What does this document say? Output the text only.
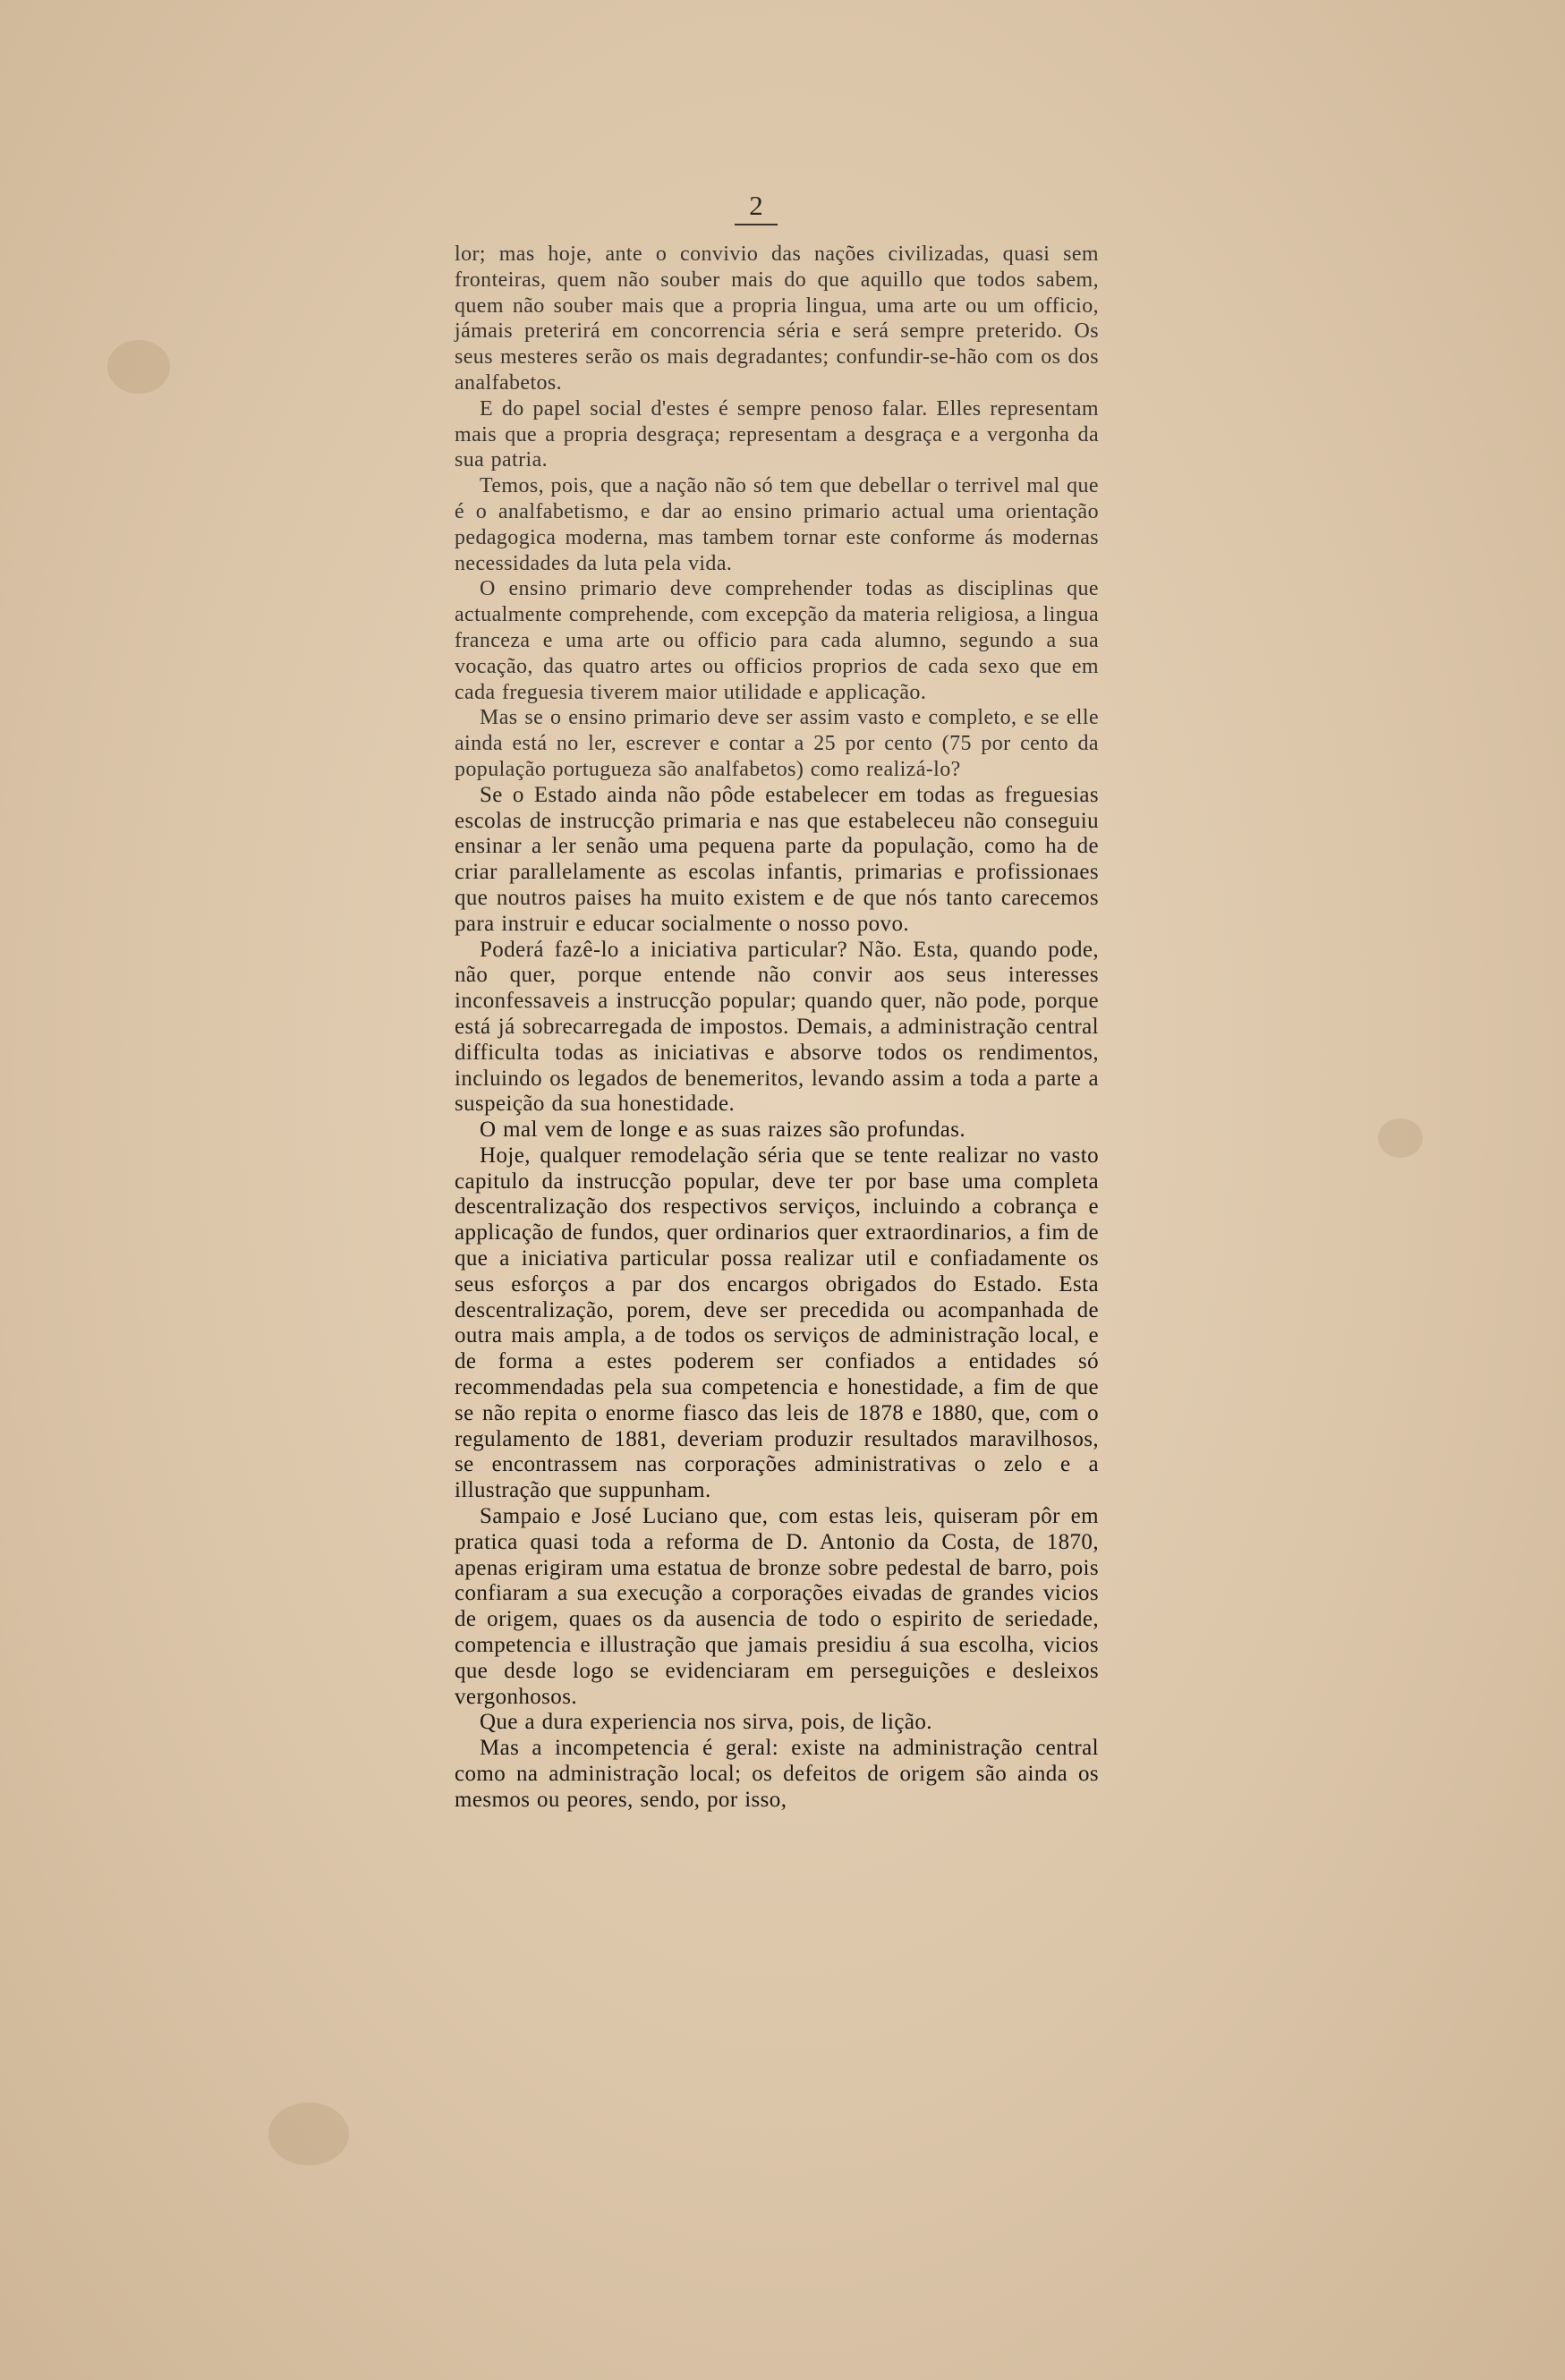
2

lor; mas hoje, ante o convivio das nações civilizadas, quasi sem fronteiras, quem não souber mais do que aquillo que todos sabem, quem não souber mais que a propria lingua, uma arte ou um officio, jámais preterirá em concorrencia séria e será sempre preterido. Os seus mesteres serão os mais degradantes; confundir-se-hão com os dos analfabetos.

E do papel social d'estes é sempre penoso falar. Elles representam mais que a propria desgraça; representam a desgraça e a vergonha da sua patria.

Temos, pois, que a nação não só tem que debellar o terrivel mal que é o analfabetismo, e dar ao ensino primario actual uma orientação pedagogica moderna, mas tambem tornar este conforme ás modernas necessidades da luta pela vida.

O ensino primario deve comprehender todas as disciplinas que actualmente comprehende, com excepção da materia religiosa, a lingua franceza e uma arte ou officio para cada alumno, segundo a sua vocação, das quatro artes ou officios proprios de cada sexo que em cada freguesia tiverem maior utilidade e applicação.

Mas se o ensino primario deve ser assim vasto e completo, e se elle ainda está no ler, escrever e contar a 25 por cento (75 por cento da população portugueza são analfabetos) como realizá-lo?

Se o Estado ainda não pôde estabelecer em todas as freguesias escolas de instrucção primaria e nas que estabeleceu não conseguiu ensinar a ler senão uma pequena parte da população, como ha de criar parallelamente as escolas infantis, primarias e profissionaes que noutros paises ha muito existem e de que nós tanto carecemos para instruir e educar socialmente o nosso povo.

Poderá fazê-lo a iniciativa particular? Não. Esta, quando pode, não quer, porque entende não convir aos seus interesses inconfessaveis a instrucção popular; quando quer, não pode, porque está já sobrecarregada de impostos. Demais, a administração central difficulta todas as iniciativas e absorve todos os rendimentos, incluindo os legados de benemeritos, levando assim a toda a parte a suspeição da sua honestidade.

O mal vem de longe e as suas raizes são profundas.

Hoje, qualquer remodelação séria que se tente realizar no vasto capitulo da instrucção popular, deve ter por base uma completa descentralização dos respectivos serviços, incluindo a cobrança e applicação de fundos, quer ordinarios quer extraordinarios, a fim de que a iniciativa particular possa realizar util e confiadamente os seus esforços a par dos encargos obrigados do Estado. Esta descentralização, porem, deve ser precedida ou acompanhada de outra mais ampla, a de todos os serviços de administração local, e de forma a estes poderem ser confiados a entidades só recommendadas pela sua competencia e honestidade, a fim de que se não repita o enorme fiasco das leis de 1878 e 1880, que, com o regulamento de 1881, deveriam produzir resultados maravilhosos, se encontrassem nas corporações administrativas o zelo e a illustração que suppunham.

Sampaio e José Luciano que, com estas leis, quiseram pôr em pratica quasi toda a reforma de D. Antonio da Costa, de 1870, apenas erigiram uma estatua de bronze sobre pedestal de barro, pois confiaram a sua execução a corporações eivadas de grandes vicios de origem, quaes os da ausencia de todo o espirito de seriedade, competencia e illustração que jamais presidiu á sua escolha, vicios que desde logo se evidenciaram em perseguições e desleixos vergonhosos.

Que a dura experiencia nos sirva, pois, de lição.

Mas a incompetencia é geral: existe na administração central como na administração local; os defeitos de origem são ainda os mesmos ou peores, sendo, por isso,
